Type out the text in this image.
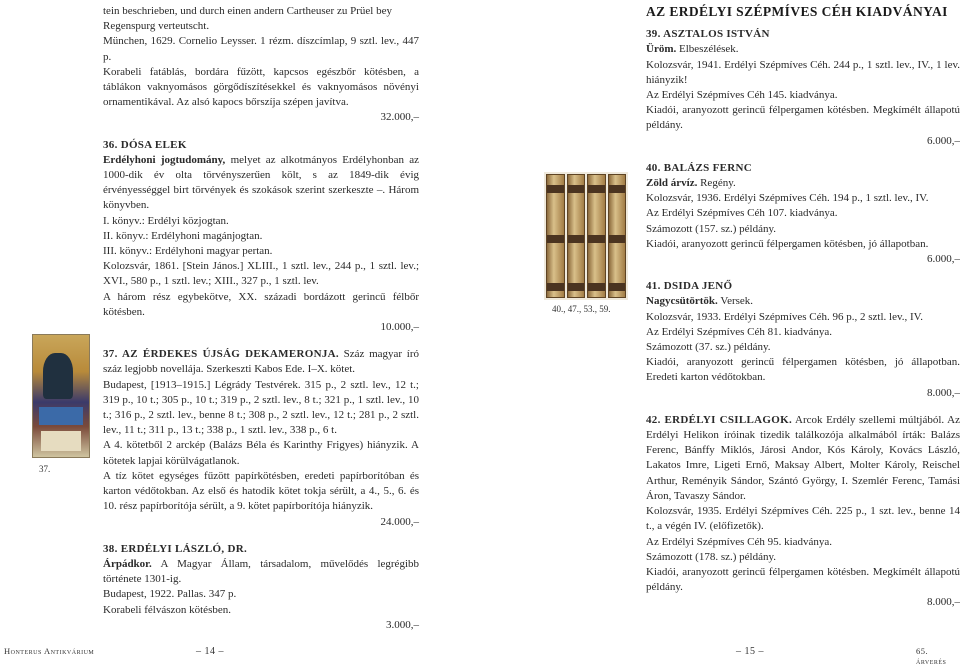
37.

tein beschrieben, und durch einen andern Cartheuser zu Prüel bey

Regenspurg verteutscht.

München, 1629. Cornelio Leysser. 1 rézm. díszcímlap, 9 sztl. lev., 447 p.

Korabeli fatáblás, bordára fűzött, kapcsos egészbőr kötésben, a táblákon vaknyomásos görgődíszítésekkel és vaknyomásos növényi ornamentikával. Az alsó kapocs bőrszíja szépen javítva.

32.000,–

36. DÓSA ELEK

Erdélyhoni jogtudomány, melyet az alkotmányos Erdélyhonban az 1000-dik év olta törvényszerűen költ, s az 1849-dik évig érvényességgel birt törvények és szokások szerint szerkeszte –. Három könyvben.

I. könyv.: Erdélyi közjogtan.

II. könyv.: Erdélyhoni magánjogtan.

III. könyv.: Erdélyhoni magyar pertan.

Kolozsvár, 1861. [Stein János.] XLIII., 1 sztl. lev., 244 p., 1 sztl. lev.; XVI., 580 p., 1 sztl. lev.; XIII., 327 p., 1 sztl. lev.

A három rész egybekötve, XX. századi bordázott gerincű félbőr kötésben.

10.000,–

37. AZ ÉRDEKES ÚJSÁG DEKAMERONJA. Száz magyar író száz legjobb novellája. Szerkeszti Kabos Ede. I–X. kötet.

Budapest, [1913–1915.] Légrády Testvérek. 315 p., 2 sztl. lev., 12 t.; 319 p., 10 t.; 305 p., 10 t.; 319 p., 2 sztl. lev., 8 t.; 321 p., 1 sztl. lev., 10 t.; 316 p., 2 sztl. lev., benne 8 t.; 308 p., 2 sztl. lev., 12 t.; 281 p., 2 sztl. lev., 11 t.; 311 p., 13 t.; 338 p., 1 sztl. lev., 338 p., 6 t.

A 4. kötetből 2 arckép (Balázs Béla és Karinthy Frigyes) hiányzik. A kötetek lapjai körülvágatlanok.

A tíz kötet egységes fűzött papírkötésben, eredeti papírborítóban és karton védőtokban. Az első és hatodik kötet tokja sérült, a 4., 5., 6. és 10. rész papírborítója sérült, a 9. kötet papírborítója hiányzik.

24.000,–

38. ERDÉLYI LÁSZLÓ, DR.

Árpádkor. A Magyar Állam, társadalom, művelődés legrégibb története 1301-ig.

Budapest, 1922. Pallas. 347 p.

Korabeli félvászon kötésben.

3.000,–

40., 47., 53., 59.
AZ ERDÉLYI SZÉPMÍVES CÉH KIADVÁNYAI

39. ASZTALOS ISTVÁN

Üröm. Elbeszélések.

Kolozsvár, 1941. Erdélyi Szépmíves Céh. 244 p., 1 sztl. lev., IV., 1 lev. hiányzik!

Az Erdélyi Szépmíves Céh 145. kiadványa.

Kiadói, aranyozott gerincű félpergamen kötésben. Megkímélt állapotú példány.

6.000,–

40. BALÁZS FERNC

Zöld árvíz. Regény.

Kolozsvár, 1936. Erdélyi Szépmíves Céh. 194 p., 1 sztl. lev., IV.

Az Erdélyi Szépmíves Céh 107. kiadványa.

Számozott (157. sz.) példány.

Kiadói, aranyozott gerincű félpergamen kötésben, jó állapotban.

6.000,–

41. DSIDA JENŐ

Nagycsütörtök. Versek.

Kolozsvár, 1933. Erdélyi Szépmíves Céh. 96 p., 2 sztl. lev., IV.

Az Erdélyi Szépmíves Céh 81. kiadványa.

Számozott (37. sz.) példány.

Kiadói, aranyozott gerincű félpergamen kötésben, jó állapotban. Eredeti karton védőtokban.

8.000,–

42. ERDÉLYI CSILLAGOK. Arcok Erdély szellemi múltjából. Az Erdélyi Helikon íróinak tizedik találkozója alkalmából írták: Balázs Ferenc, Bánffy Miklós, Járosi Andor, Kós Károly, Kovács László, Lakatos Imre, Ligeti Ernő, Maksay Albert, Molter Károly, Reischel Arthur, Reményik Sándor, Szántó György, I. Szemlér Ferenc, Tamási Áron, Tavaszy Sándor.

Kolozsvár, 1935. Erdélyi Szépmíves Céh. 225 p., 1 szt. lev., benne 14 t., a végén IV. (előfizetők).

Az Erdélyi Szépmíves Céh 95. kiadványa.

Számozott (178. sz.) példány.

Kiadói, aranyozott gerincű félpergamen kötésben. Megkímélt állapotú példány.

8.000,–

Honterus Antikvárium	– 14 –	– 15 –	65. árverés
